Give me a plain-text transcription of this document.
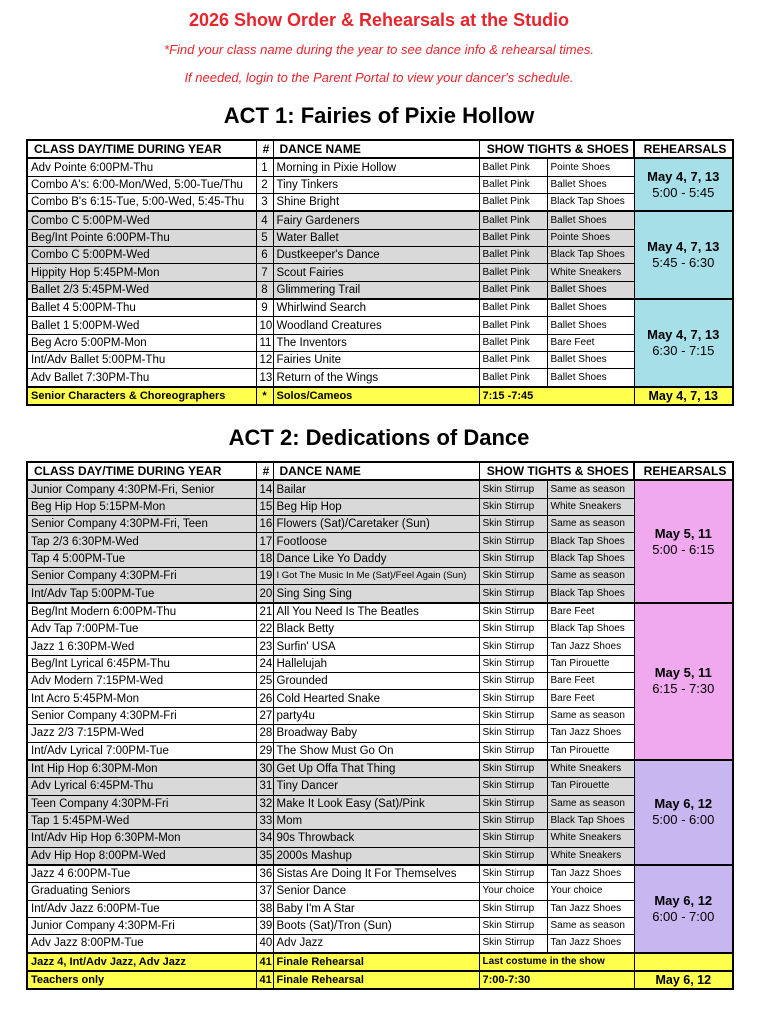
2026 Show Order & Rehearsals at the Studio
*Find your class name during the year to see dance info & rehearsal times.
If needed, login to the Parent Portal to view your dancer's schedule.
ACT 1: Fairies of Pixie Hollow
CLASS DAY/TIME DURING YEAR	#	DANCE NAME	SHOW TIGHTS & SHOES		REHEARSALS
Adv Pointe 6:00PM-Thu	1	Morning in Pixie Hollow	Ballet Pink	Pointe Shoes	May 4, 7, 13
5:00 - 5:45

Combo A's: 6:00-Mon/Wed, 5:00-Tue/Thu	2	Tiny Tinkers	Ballet Pink	Ballet Shoes	
Combo B's 6:15-Tue, 5:00-Wed, 5:45-Thu	3	Shine Bright	Ballet Pink	Black Tap Shoes	
Combo C 5:00PM-Wed	4	Fairy Gardeners	Ballet Pink	Ballet Shoes	May 4, 7, 13
5:45 - 6:30

Beg/Int Pointe 6:00PM-Thu	5	Water Ballet	Ballet Pink	Pointe Shoes	
Combo C 5:00PM-Wed	6	Dustkeeper's Dance	Ballet Pink	Black Tap Shoes	
Hippity Hop 5:45PM-Mon	7	Scout Fairies	Ballet Pink	White Sneakers	
Ballet 2/3 5:45PM-Wed	8	Glimmering Trail	Ballet Pink	Ballet Shoes	
Ballet 4 5:00PM-Thu	9	Whirlwind Search	Ballet Pink	Ballet Shoes	May 4, 7, 13
6:30 - 7:15

Ballet 1 5:00PM-Wed	10	Woodland Creatures	Ballet Pink	Ballet Shoes	
Beg Acro 5:00PM-Mon	11	The Inventors	Ballet Pink	Bare Feet	
Int/Adv Ballet 5:00PM-Thu	12	Fairies Unite	Ballet Pink	Ballet Shoes	
Adv Ballet 7:30PM-Thu	13	Return of the Wings	Ballet Pink	Ballet Shoes	
Senior Characters & Choreographers	*	Solos/Cameos	7:15 -7:45		May 4, 7, 13
ACT 2: Dedications of Dance
CLASS DAY/TIME DURING YEAR	#	DANCE NAME	SHOW TIGHTS & SHOES		REHEARSALS
Junior Company 4:30PM-Fri, Senior	14	Bailar	Skin Stirrup	Same as season	May 5, 11
5:00 - 6:15

Beg Hip Hop 5:15PM-Mon	15	Beg Hip Hop	Skin Stirrup	White Sneakers	
Senior Company 4:30PM-Fri, Teen	16	Flowers (Sat)/Caretaker (Sun)	Skin Stirrup	Same as season	
Tap 2/3 6:30PM-Wed	17	Footloose	Skin Stirrup	Black Tap Shoes	
Tap 4 5:00PM-Tue	18	Dance Like Yo Daddy	Skin Stirrup	Black Tap Shoes	
Senior Company 4:30PM-Fri	19	I Got The Music In Me (Sat)/Feel Again (Sun)	Skin Stirrup	Same as season	
Int/Adv Tap 5:00PM-Tue	20	Sing Sing Sing	Skin Stirrup	Black Tap Shoes	
Beg/Int Modern 6:00PM-Thu	21	All You Need Is The Beatles	Skin Stirrup	Bare Feet	May 5, 11
6:15 - 7:30

Adv Tap 7:00PM-Tue	22	Black Betty	Skin Stirrup	Black Tap Shoes	
Jazz 1 6:30PM-Wed	23	Surfin' USA	Skin Stirrup	Tan Jazz Shoes	
Beg/Int Lyrical 6:45PM-Thu	24	Hallelujah	Skin Stirrup	Tan Pirouette	
Adv Modern 7:15PM-Wed	25	Grounded	Skin Stirrup	Bare Feet	
Int Acro 5:45PM-Mon	26	Cold Hearted Snake	Skin Stirrup	Bare Feet	
Senior Company 4:30PM-Fri	27	party4u	Skin Stirrup	Same as season	
Jazz 2/3 7:15PM-Wed	28	Broadway Baby	Skin Stirrup	Tan Jazz Shoes	
Int/Adv Lyrical 7:00PM-Tue	29	The Show Must Go On	Skin Stirrup	Tan Pirouette	
Int Hip Hop 6:30PM-Mon	30	Get Up Offa That Thing	Skin Stirrup	White Sneakers	May 6, 12
5:00 - 6:00

Adv Lyrical 6:45PM-Thu	31	Tiny Dancer	Skin Stirrup	Tan Pirouette	
Teen Company 4:30PM-Fri	32	Make It Look Easy (Sat)/Pink	Skin Stirrup	Same as season	
Tap 1 5:45PM-Wed	33	Mom	Skin Stirrup	Black Tap Shoes	
Int/Adv Hip Hop 6:30PM-Mon	34	90s Throwback	Skin Stirrup	White Sneakers	
Adv Hip Hop 8:00PM-Wed	35	2000s Mashup	Skin Stirrup	White Sneakers	
Jazz 4 6:00PM-Tue	36	Sistas Are Doing It For Themselves	Skin Stirrup	Tan Jazz Shoes	May 6, 12
6:00 - 7:00

Graduating Seniors	37	Senior Dance	Your choice	Your choice	
Int/Adv Jazz 6:00PM-Tue	38	Baby I'm A Star	Skin Stirrup	Tan Jazz Shoes	
Junior Company 4:30PM-Fri	39	Boots (Sat)/Tron (Sun)	Skin Stirrup	Same as season	
Adv Jazz 8:00PM-Tue	40	Adv Jazz	Skin Stirrup	Tan Jazz Shoes	
Jazz 4, Int/Adv Jazz, Adv Jazz	41	Finale Rehearsal	Last costume in the show		
Teachers only	41	Finale Rehearsal	7:00-7:30		May 6, 12
